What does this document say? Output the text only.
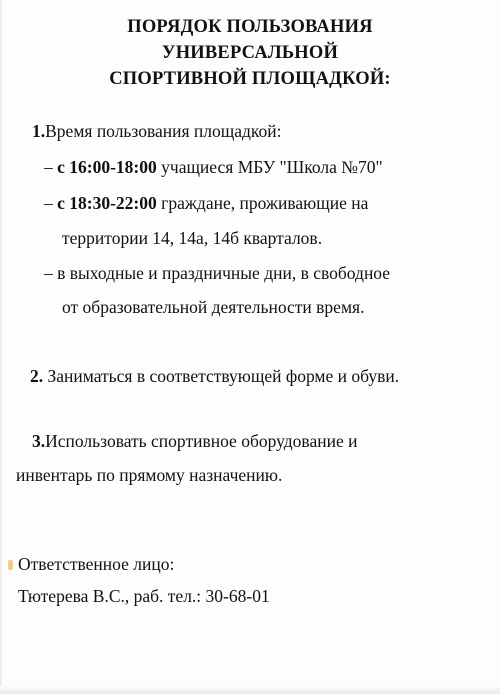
ПОРЯДОК ПОЛЬЗОВАНИЯ
УНИВЕРСАЛЬНОЙ
СПОРТИВНОЙ ПЛОЩАДКОЙ:
1.Время пользования площадкой:
– с 16:00-18:00 учащиеся МБУ "Школа №70"
– с 18:30-22:00 граждане, проживающие на
территории 14, 14а, 14б кварталов.
– в выходные и праздничные дни, в свободное
от образовательной деятельности время.
2. Заниматься в соответствующей форме и обуви.
3.Использовать спортивное оборудование и
инвентарь по прямому назначению.
Ответственное лицо:
Тютерева В.С., раб. тел.: 30-68-01
